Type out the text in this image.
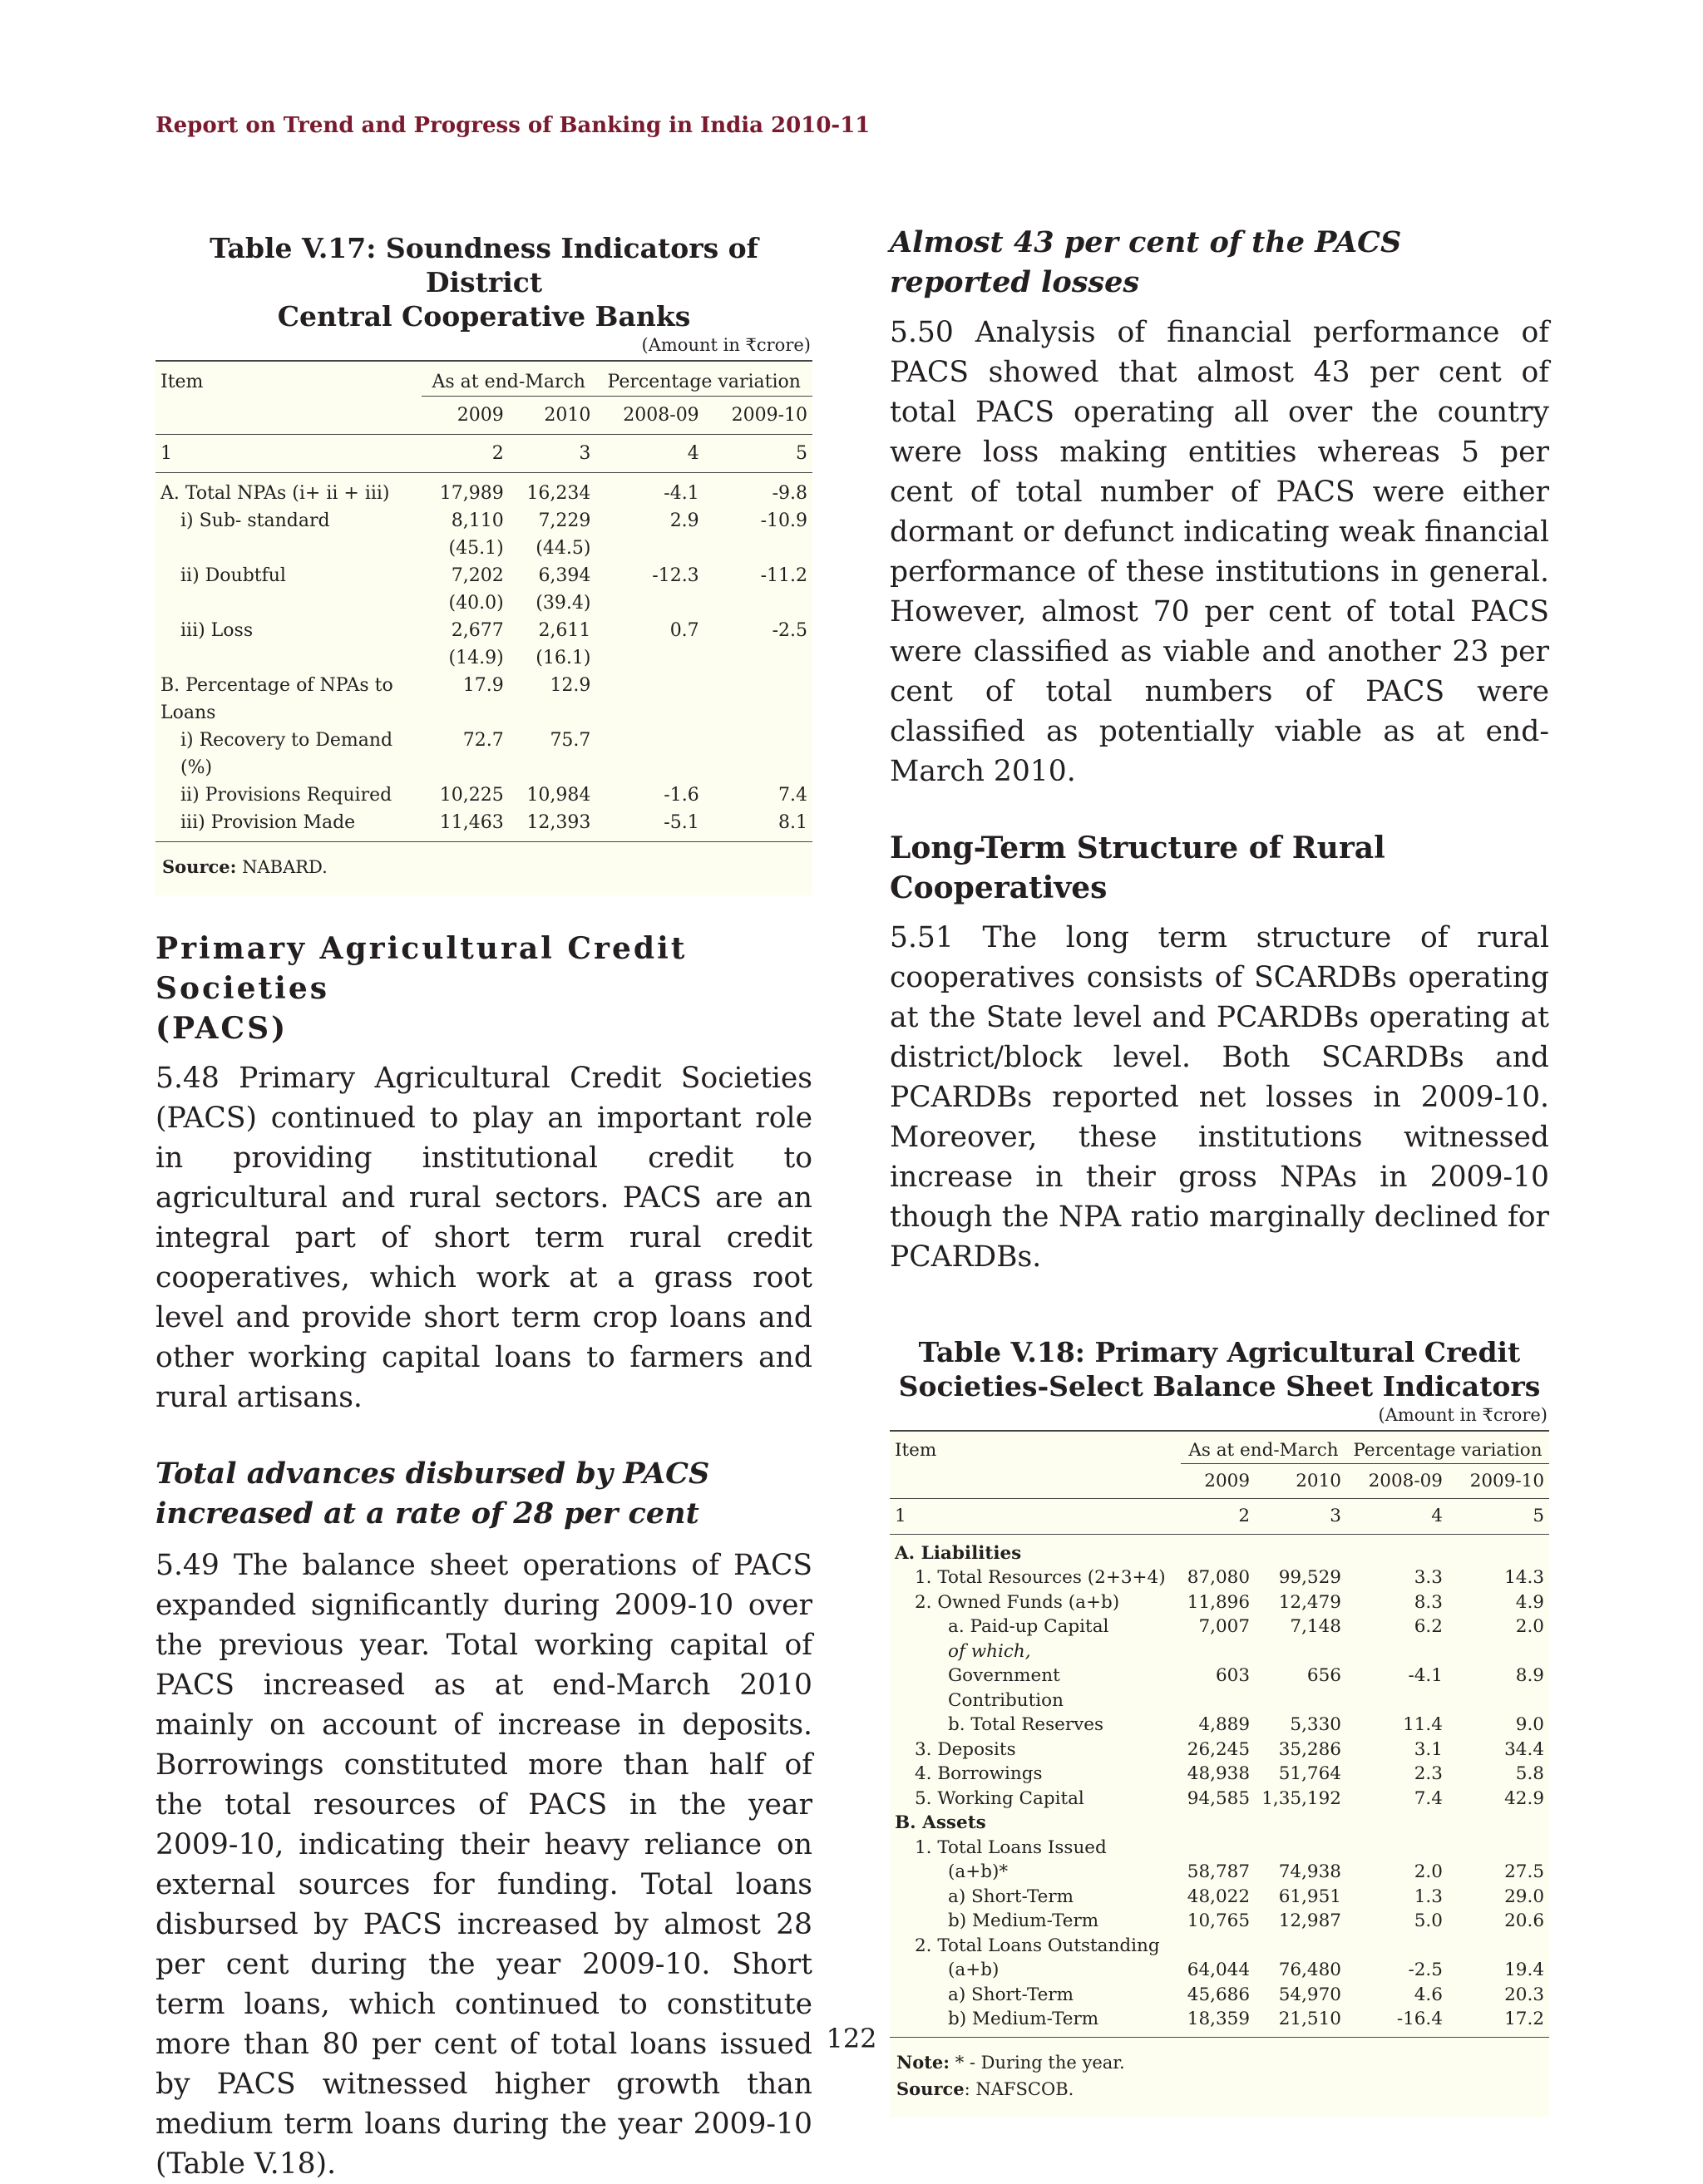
Report on Trend and Progress of Banking in India 2010-11
Table V.17: Soundness Indicators of District
Central Cooperative Banks
(Amount in ₹crore)
Item	As at end-March		Percentage variation	
	2009	2010	2008-09	2009-10
1	2	3	4	5
A. Total NPAs (i+ ii + iii)	17,989	16,234	-4.1	-9.8
i) Sub- standard	8,110	7,229	2.9	-10.9
	(45.1)	(44.5)		
ii) Doubtful	7,202	6,394	-12.3	-11.2
	(40.0)	(39.4)		
iii) Loss	2,677	2,611	0.7	-2.5
	(14.9)	(16.1)		
B. Percentage of NPAs to Loans	17.9	12.9		
i) Recovery to Demand (%)	72.7	75.7		
ii) Provisions Required	10,225	10,984	-1.6	7.4
iii) Provision Made	11,463	12,393	-5.1	8.1
Source: NABARD.
Primary Agricultural Credit Societies
(PACS)

5.48 Primary Agricultural Credit Societies (PACS) continued to play an important role in providing institutional credit to agricultural and rural sectors. PACS are an integral part of short term rural credit cooperatives, which work at a grass root level and provide short term crop loans and other working capital loans to farmers and rural artisans.

Total advances disbursed by PACS increased at a rate of 28 per cent

5.49 The balance sheet operations of PACS expanded significantly during 2009-10 over the previous year. Total working capital of PACS increased as at end-March 2010 mainly on account of increase in deposits. Borrowings constituted more than half of the total resources of PACS in the year 2009-10, indicating their heavy reliance on external sources for funding. Total loans disbursed by PACS increased by almost 28 per cent during the year 2009-10. Short term loans, which continued to constitute more than 80 per cent of total loans issued by PACS witnessed higher growth than medium term loans during the year 2009-10 (Table V.18).

Almost 43 per cent of the PACS reported losses

5.50 Analysis of financial performance of PACS showed that almost 43 per cent of total PACS operating all over the country were loss making entities whereas 5 per cent of total number of PACS were either dormant or defunct indicating weak financial performance of these institutions in general. However, almost 70 per cent of total PACS were classified as viable and another 23 per cent of total numbers of PACS were classified as potentially viable as at end-March 2010.

Long-Term Structure of Rural
Cooperatives

5.51 The long term structure of rural cooperatives consists of SCARDBs operating at the State level and PCARDBs operating at district/block level. Both SCARDBs and PCARDBs reported net losses in 2009-10. Moreover, these institutions witnessed increase in their gross NPAs in 2009-10 though the NPA ratio marginally declined for PCARDBs.

Table V.18: Primary Agricultural Credit
Societies-Select Balance Sheet Indicators
(Amount in ₹crore)
Item	As at end-March		Percentage variation	
	2009	2010	2008-09	2009-10
1	2	3	4	5
A. Liabilities				
1. Total Resources (2+3+4)	87,080	99,529	3.3	14.3
2. Owned Funds (a+b)	11,896	12,479	8.3	4.9
a. Paid-up Capital	7,007	7,148	6.2	2.0
of which,				
Government Contribution	603	656	-4.1	8.9
b. Total Reserves	4,889	5,330	11.4	9.0
3. Deposits	26,245	35,286	3.1	34.4
4. Borrowings	48,938	51,764	2.3	5.8
5. Working Capital	94,585	1,35,192	7.4	42.9
B. Assets				
1. Total Loans Issued				
(a+b)*	58,787	74,938	2.0	27.5
a) Short-Term	48,022	61,951	1.3	29.0
b) Medium-Term	10,765	12,987	5.0	20.6
2. Total Loans Outstanding				
(a+b)	64,044	76,480	-2.5	19.4
a) Short-Term	45,686	54,970	4.6	20.3
b) Medium-Term	18,359	21,510	-16.4	17.2
Note: * - During the year.
Source: NAFSCOB.
122
